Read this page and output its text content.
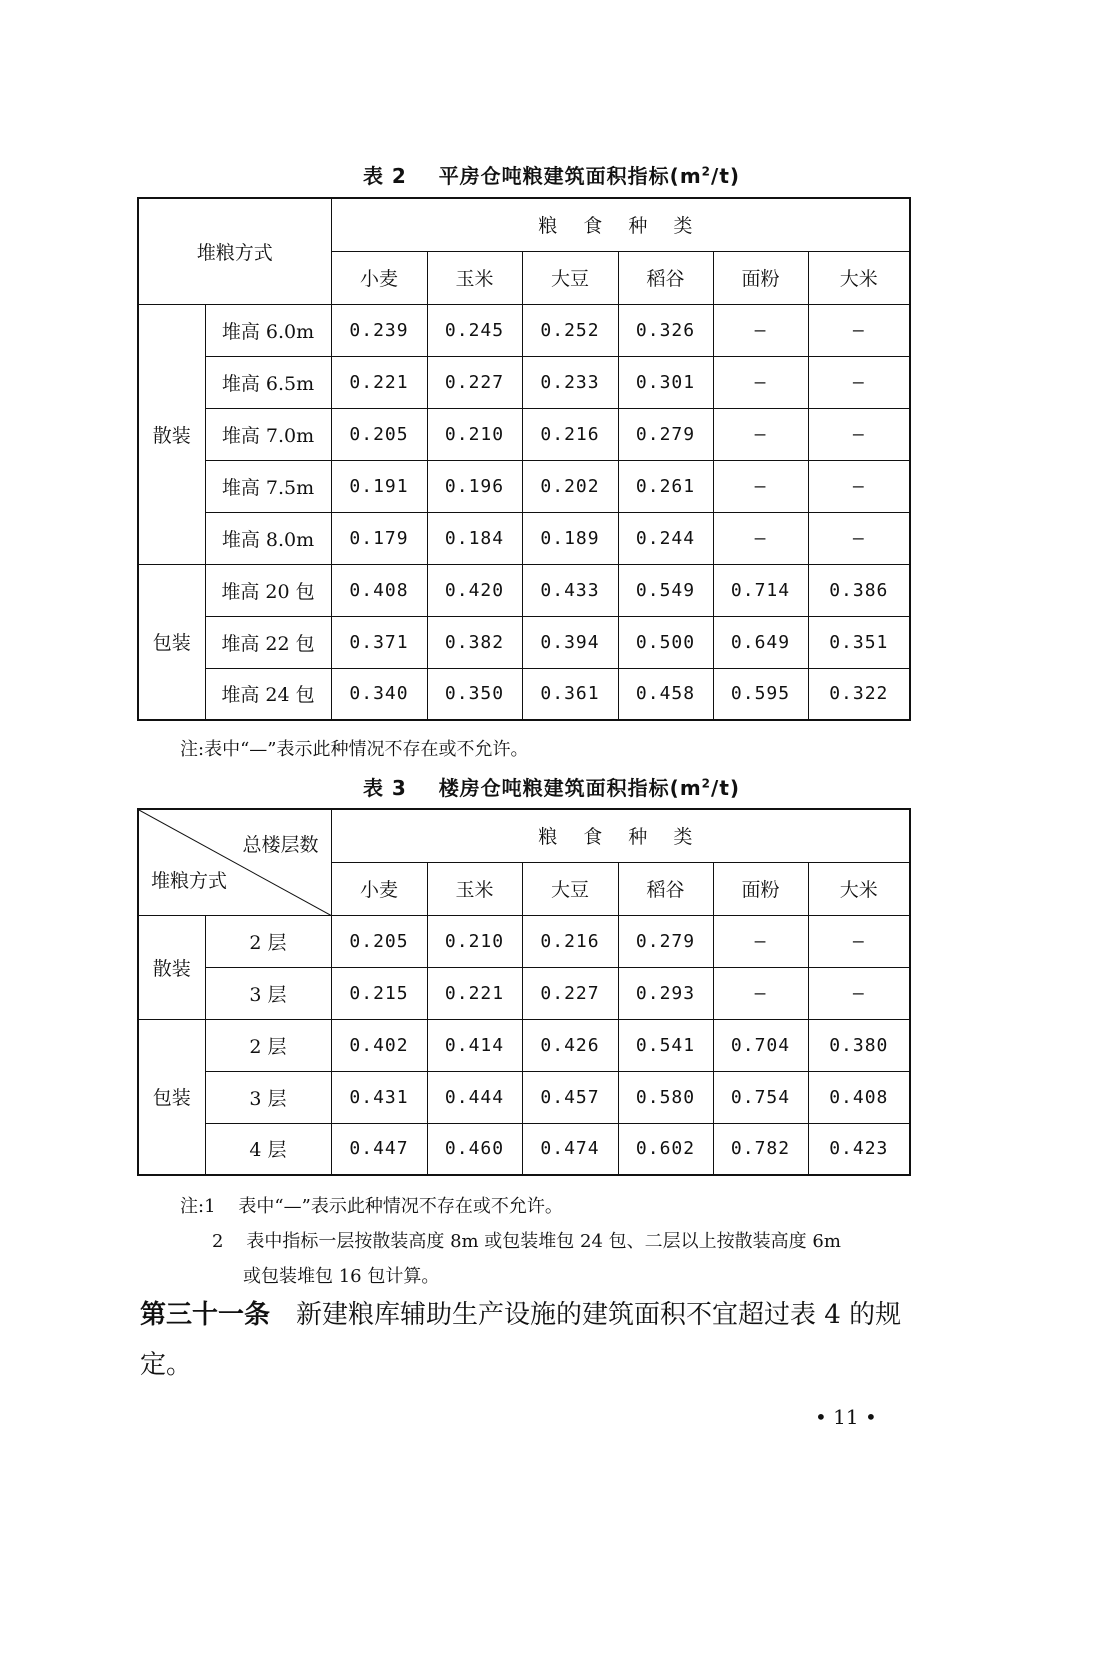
表 2 平房仓吨粮建筑面积指标$(m^2/t)$
堆粮方式		粮 食 种 类					
		小麦	玉米	大豆	稻谷	面粉	大米
散装	堆高 6.0m	0.239	0.245	0.252	0.326	—	—
	堆高 6.5m	0.221	0.227	0.233	0.301	—	—
	堆高 7.0m	0.205	0.210	0.216	0.279	—	—
	堆高 7.5m	0.191	0.196	0.202	0.261	—	—
	堆高 8.0m	0.179	0.184	0.189	0.244	—	—
包装	堆高 20 包	0.408	0.420	0.433	0.549	0.714	0.386
	堆高 22 包	0.371	0.382	0.394	0.500	0.649	0.351
	堆高 24 包	0.340	0.350	0.361	0.458	0.595	0.322
注:表中“—”表示此种情况不存在或不允许。
表 3 楼房仓吨粮建筑面积指标$(m^2/t)$
总楼层数
堆粮方式		粮 食 种 类					
		小麦	玉米	大豆	稻谷	面粉	大米
散装	2 层	0.205	0.210	0.216	0.279	—	—
	3 层	0.215	0.221	0.227	0.293	—	—
包装	2 层	0.402	0.414	0.426	0.541	0.704	0.380
	3 层	0.431	0.444	0.457	0.580	0.754	0.408
	4 层	0.447	0.460	0.474	0.602	0.782	0.423
注:1 表中“—”表示此种情况不存在或不允许。
2 表中指标一层按散装高度 8m 或包装堆包 24 包、二层以上按散装高度 6m
或包装堆包 16 包计算。
第三十一条 新建粮库辅助生产设施的建筑面积不宜超过表 4 的规定。
• 11 •
